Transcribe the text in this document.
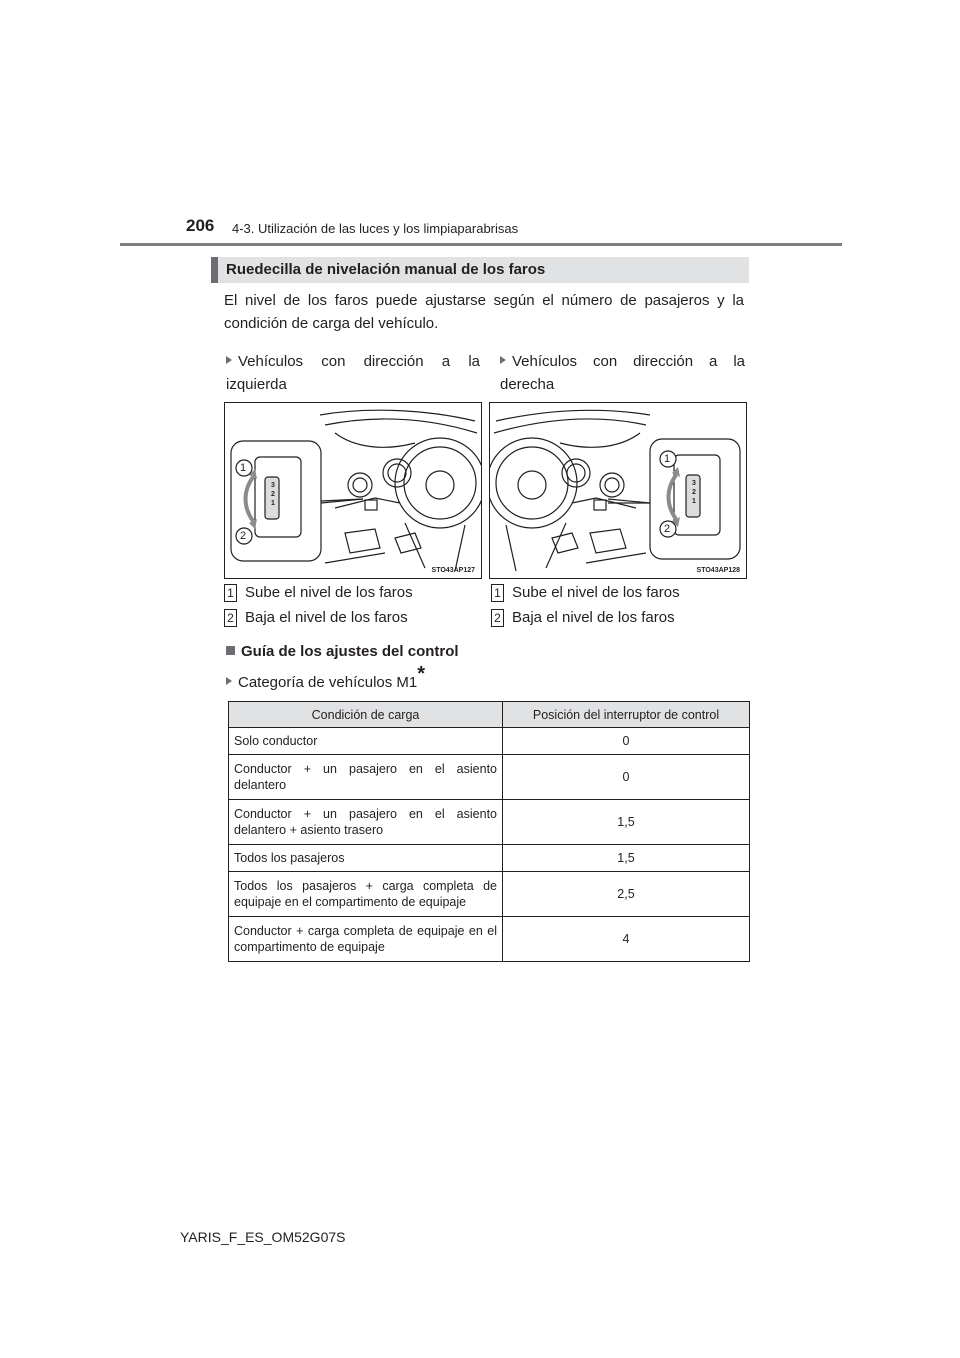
206 4-3. Utilización de las luces y los limpiaparabrisas
Ruedecilla de nivelación manual de los faros
El nivel de los faros puede ajustarse según el número de pasajeros y la condición de carga del vehículo.
Vehículos con dirección a la izquierda
Vehículos con dirección a la derecha
3
2
1
1
2
STO43AP127
3
2
1
1
2
STO43AP128
1 Sube el nivel de los faros
2 Baja el nivel de los faros
1 Sube el nivel de los faros
2 Baja el nivel de los faros
Guía de los ajustes del control
Categoría de vehículos M1*
Condición de carga	Posición del interruptor de control
Solo conductor	0
Conductor + un pasajero en el asiento delantero	0
Conductor + un pasajero en el asiento delantero + asiento trasero	1,5
Todos los pasajeros	1,5
Todos los pasajeros + carga completa de equipaje en el compartimento de equipaje	2,5
Conductor + carga completa de equipaje en el compartimento de equipaje	4
YARIS_F_ES_OM52G07S
